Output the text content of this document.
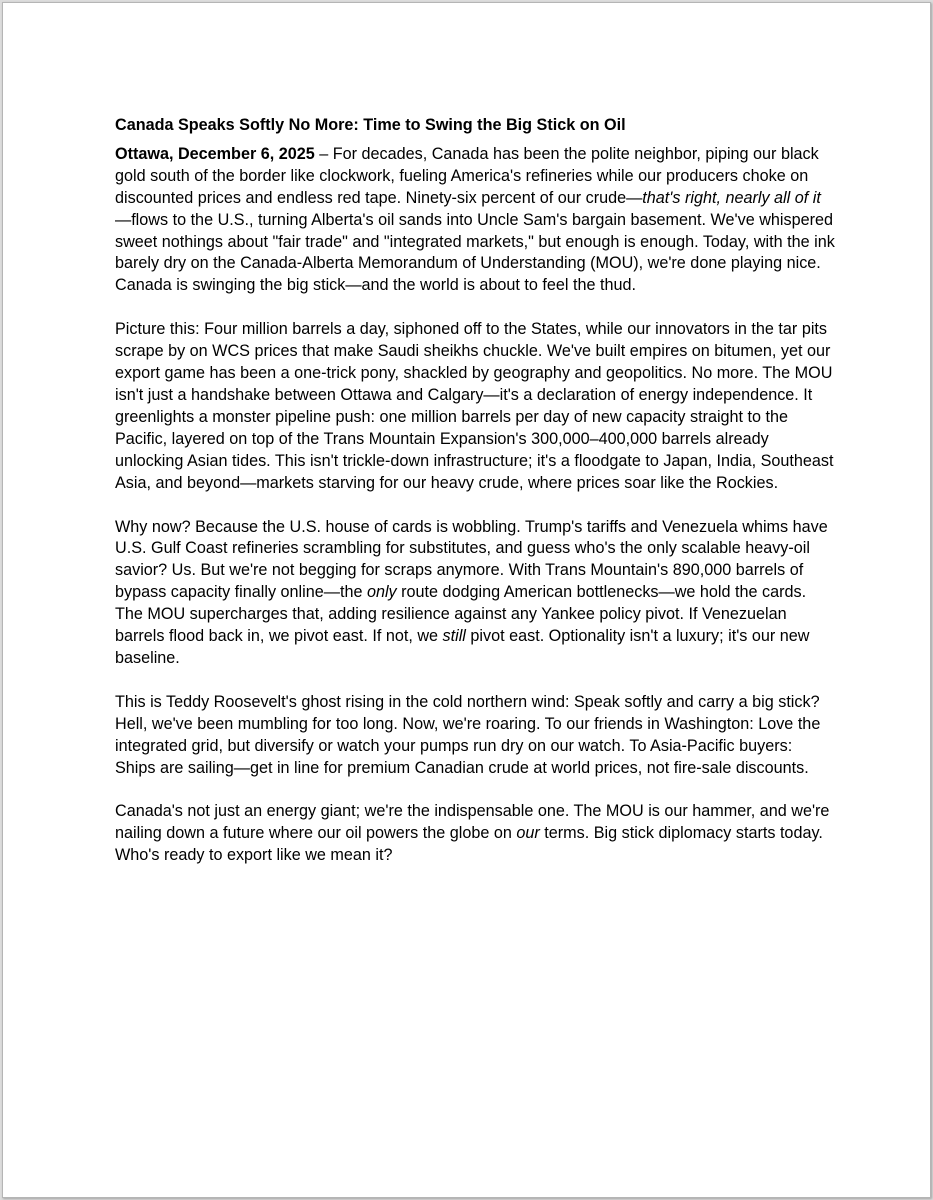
Canada Speaks Softly No More: Time to Swing the Big Stick on Oil

Ottawa, December 6, 2025 – For decades, Canada has been the polite neighbor, piping our black gold south of the border like clockwork, fueling America's refineries while our producers choke on discounted prices and endless red tape. Ninety-six percent of our crude—that's right, nearly all of it—flows to the U.S., turning Alberta's oil sands into Uncle Sam's bargain basement. We've whispered sweet nothings about "fair trade" and "integrated markets," but enough is enough. Today, with the ink barely dry on the Canada-Alberta Memorandum of Understanding (MOU), we're done playing nice. Canada is swinging the big stick—and the world is about to feel the thud.

Picture this: Four million barrels a day, siphoned off to the States, while our innovators in the tar pits scrape by on WCS prices that make Saudi sheikhs chuckle. We've built empires on bitumen, yet our export game has been a one-trick pony, shackled by geography and geopolitics. No more. The MOU isn't just a handshake between Ottawa and Calgary—it's a declaration of energy independence. It greenlights a monster pipeline push: one million barrels per day of new capacity straight to the Pacific, layered on top of the Trans Mountain Expansion's 300,000–400,000 barrels already unlocking Asian tides. This isn't trickle-down infrastructure; it's a floodgate to Japan, India, Southeast Asia, and beyond—markets starving for our heavy crude, where prices soar like the Rockies.

Why now? Because the U.S. house of cards is wobbling. Trump's tariffs and Venezuela whims have U.S. Gulf Coast refineries scrambling for substitutes, and guess who's the only scalable heavy-oil savior? Us. But we're not begging for scraps anymore. With Trans Mountain's 890,000 barrels of bypass capacity finally online—the only route dodging American bottlenecks—we hold the cards. The MOU supercharges that, adding resilience against any Yankee policy pivot. If Venezuelan barrels flood back in, we pivot east. If not, we still pivot east. Optionality isn't a luxury; it's our new baseline.

This is Teddy Roosevelt's ghost rising in the cold northern wind: Speak softly and carry a big stick? Hell, we've been mumbling for too long. Now, we're roaring. To our friends in Washington: Love the integrated grid, but diversify or watch your pumps run dry on our watch. To Asia-Pacific buyers: Ships are sailing—get in line for premium Canadian crude at world prices, not fire-sale discounts.

Canada's not just an energy giant; we're the indispensable one. The MOU is our hammer, and we're nailing down a future where our oil powers the globe on our terms. Big stick diplomacy starts today. Who's ready to export like we mean it?
